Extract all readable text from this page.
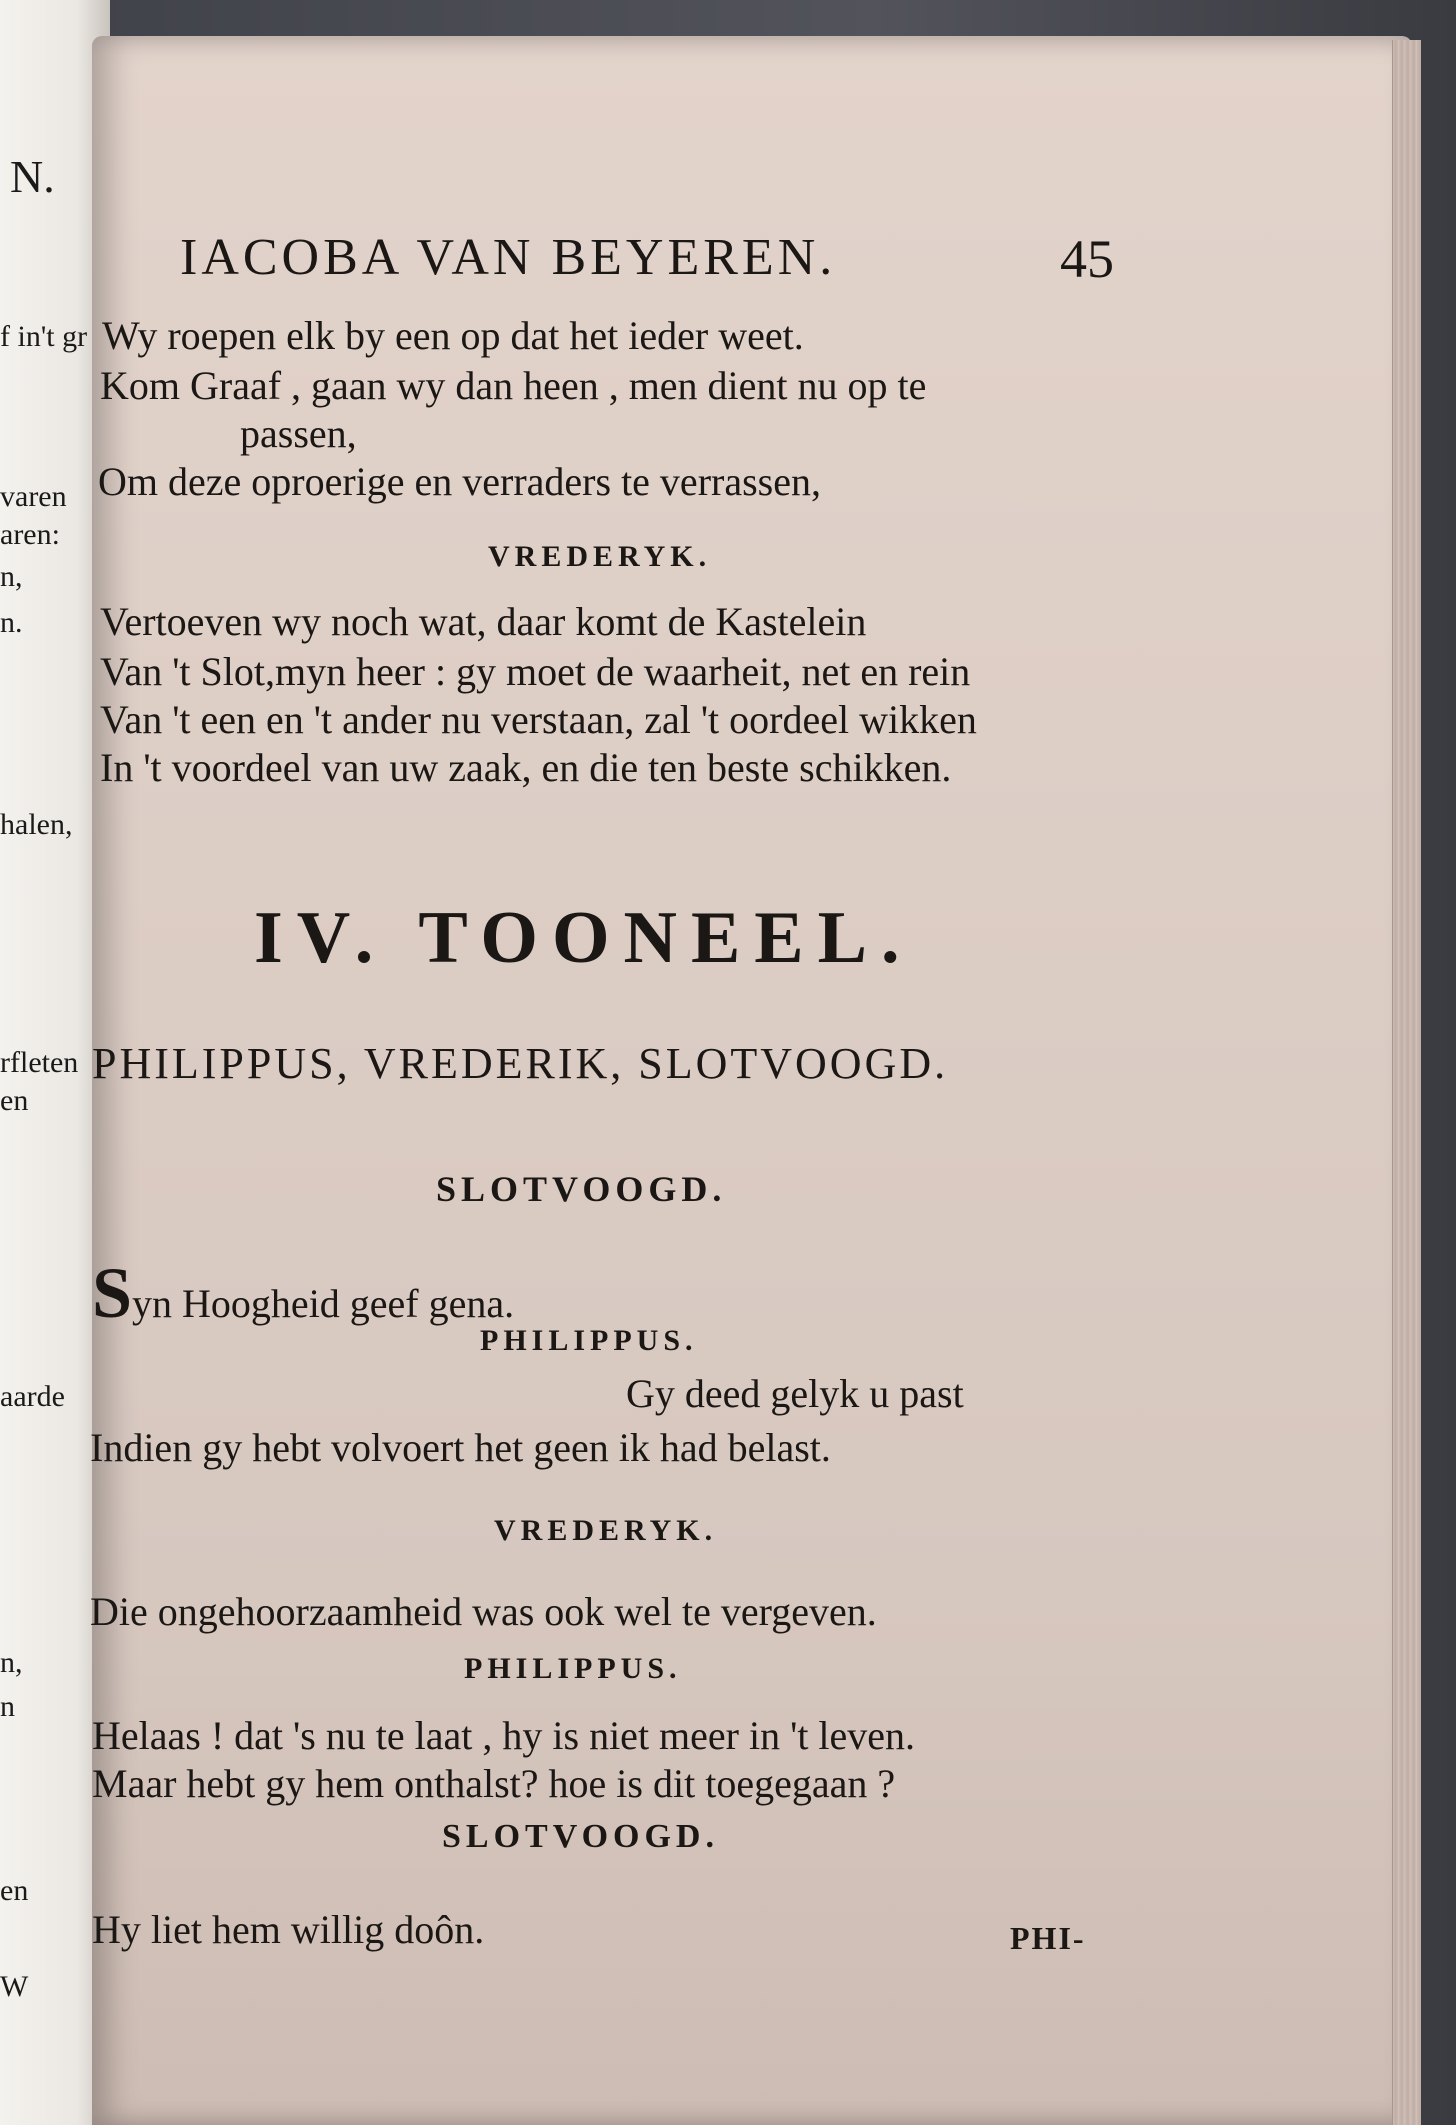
N.
f in't gr
varen
aren:
n,
n.
halen,
rfleten
en
aarde
n,
n
en
W
IACOBA VAN BEYEREN.	45
Wy roepen elk by een op dat het ieder weet.
Kom Graaf , gaan wy dan heen , men dient nu op te
passen,
Om deze oproerige en verraders te verrassen,
VREDERYK.
Vertoeven wy noch wat, daar komt de Kastelein
Van 't Slot,myn heer : gy moet de waarheit, net en rein
Van 't een en 't ander nu verstaan, zal 't oordeel wikken
In 't voordeel van uw zaak, en die ten beste schikken.
IV. TOONEEL.
PHILIPPUS, VREDERIK, SLOTVOOGD.
SLOTVOOGD.
Syn Hoogheid geef gena.
PHILIPPUS.
Gy deed gelyk u past
Indien gy hebt volvoert het geen ik had belast.
VREDERYK.
Die ongehoorzaamheid was ook wel te vergeven.
PHILIPPUS.
Helaas ! dat 's nu te laat , hy is niet meer in 't leven.
Maar hebt gy hem onthalst? hoe is dit toegegaan ?
SLOTVOOGD.
Hy liet hem willig doôn.	PHI-
